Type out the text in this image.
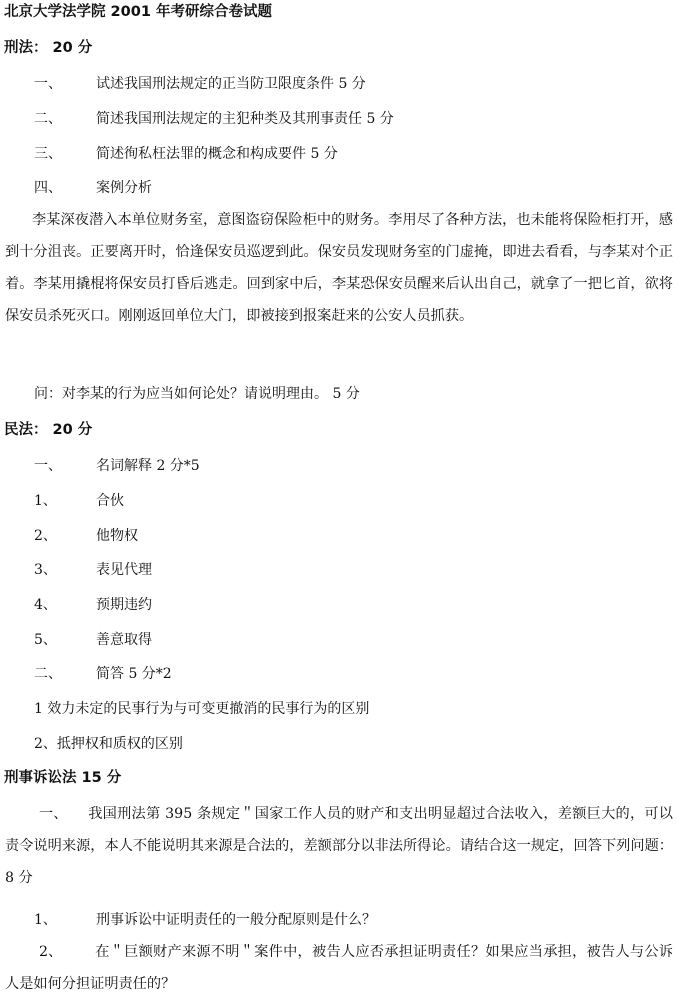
北京大学法学院 2001 年考研综合卷试题
刑法： 20 分
一、 试述我国刑法规定的正当防卫限度条件 5 分
二、 简述我国刑法规定的主犯种类及其刑事责任 5 分
三、 简述徇私枉法罪的概念和构成要件 5 分
四、 案例分析
李某深夜潜入本单位财务室，意图盗窃保险柜中的财务。李用尽了各种方法，也未能将保险柜打开，感到十分沮丧。正要离开时，恰逢保安员巡逻到此。保安员发现财务室的门虚掩，即进去看看，与李某对个正着。李某用撬棍将保安员打昏后逃走。回到家中后，李某恐保安员醒来后认出自己，就拿了一把匕首，欲将保安员杀死灭口。刚刚返回单位大门，即被接到报案赶来的公安人员抓获。
问：对李某的行为应当如何论处？请说明理由。 5 分
民法： 20 分
一、 名词解释 2 分*5
1、	合伙
2、	他物权
3、	表见代理
4、	预期违约
5、	善意取得
二、 简答 5 分*2
1 效力未定的民事行为与可变更撤消的民事行为的区别
2、抵押权和质权的区别
刑事诉讼法 15 分
一、 我国刑法第 395 条规定＂国家工作人员的财产和支出明显超过合法收入，差额巨大的，可以责令说明来源，本人不能说明其来源是合法的，差额部分以非法所得论。请结合这一规定，回答下列问题： 8 分
1、	刑事诉讼中证明责任的一般分配原则是什么？
2、 在＂巨额财产来源不明＂案件中，被告人应否承担证明责任？如果应当承担，被告人与公诉人是如何分担证明责任的？
